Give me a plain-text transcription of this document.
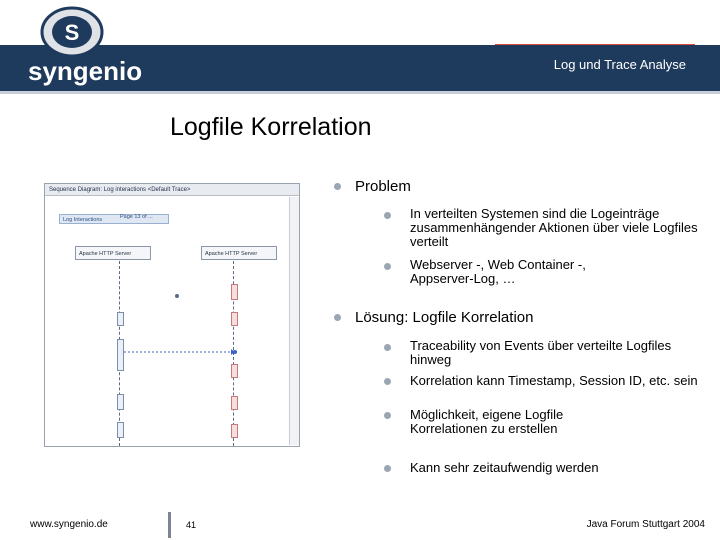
S
syngenio	Log und Trace Analyse
Logfile Korrelation
Sequence Diagram: Log interactions <Default Trace>
Log Interactions	Page 13 of ...
Apache HTTP Server	Apache HTTP Server
Problem
In verteilten Systemen sind die Logeinträge zusammenhängender Aktionen über viele Logfiles verteilt
Webserver -, Web Container -, Appserver-Log, …
Lösung: Logfile Korrelation
Traceability von Events über verteilte Logfiles hinweg
Korrelation kann Timestamp, Session ID, etc. sein
Möglichkeit, eigene Logfile Korrelationen zu erstellen
Kann sehr zeitaufwendig werden
www.syngenio.de	41	Java Forum Stuttgart 2004
